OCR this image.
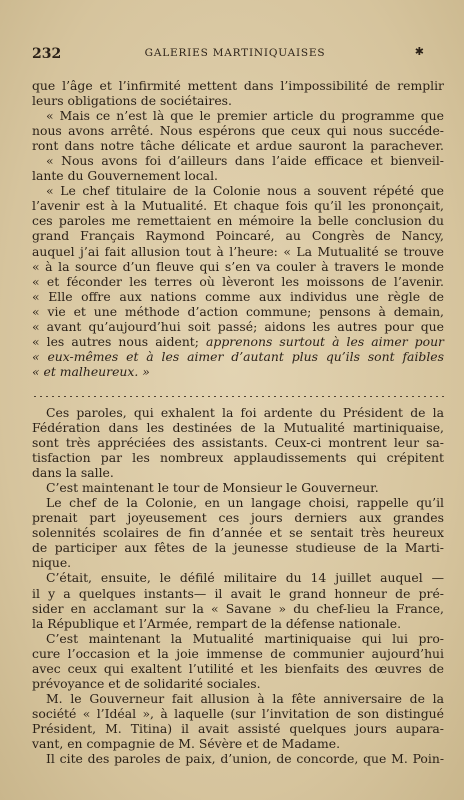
232	GALERIES MARTINIQUAISES	✱
que l’âge et l’infirmité mettent dans l’impossibilité de remplir
leurs obligations de sociétaires.
« Mais ce n’est là que le premier article du programme que
nous avons arrêté. Nous espérons que ceux qui nous succéde-
ront dans notre tâche délicate et ardue sauront la parachever.
« Nous avons foi d’ailleurs dans l’aide efficace et bienveil-
lante du Gouvernement local.
« Le chef titulaire de la Colonie nous a souvent répété que
l’avenir est à la Mutualité. Et chaque fois qu’il les prononçait,
ces paroles me remettaient en mémoire la belle conclusion du
grand Français Raymond Poincaré, au Congrès de Nancy,
auquel j’ai fait allusion tout à l’heure: « La Mutualité se trouve
« à la source d’un fleuve qui s’en va couler à travers le monde
« et féconder les terres où lèveront les moissons de l’avenir.
« Elle offre aux nations comme aux individus une règle de
« vie et une méthode d’action commune; pensons à demain,
« avant qu’aujourd’hui soit passé; aidons les autres pour que
« les autres nous aident; apprenons surtout à les aimer pour
« eux-mêmes et à les aimer d’autant plus qu’ils sont faibles
« et malheureux. »
Ces paroles, qui exhalent la foi ardente du Président de la
Fédération dans les destinées de la Mutualité martiniquaise,
sont très appréciées des assistants. Ceux-ci montrent leur sa-
tisfaction par les nombreux applaudissements qui crépitent
dans la salle.
C’est maintenant le tour de Monsieur le Gouverneur.
Le chef de la Colonie, en un langage choisi, rappelle qu’il
prenait part joyeusement ces jours derniers aux grandes
solennités scolaires de fin d’année et se sentait très heureux
de participer aux fêtes de la jeunesse studieuse de la Marti-
nique.
C’était, ensuite, le défilé militaire du 14 juillet auquel —
il y a quelques instants— il avait le grand honneur de pré-
sider en acclamant sur la « Savane » du chef-lieu la France,
la République et l’Armée, rempart de la défense nationale.
C’est maintenant la Mutualité martiniquaise qui lui pro-
cure l’occasion et la joie immense de communier aujourd’hui
avec ceux qui exaltent l’utilité et les bienfaits des œuvres de
prévoyance et de solidarité sociales.
M. le Gouverneur fait allusion à la fête anniversaire de la
société « l’Idéal », à laquelle (sur l’invitation de son distingué
Président, M. Titina) il avait assisté quelques jours aupara-
vant, en compagnie de M. Sévère et de Madame.
Il cite des paroles de paix, d’union, de concorde, que M. Poin-
